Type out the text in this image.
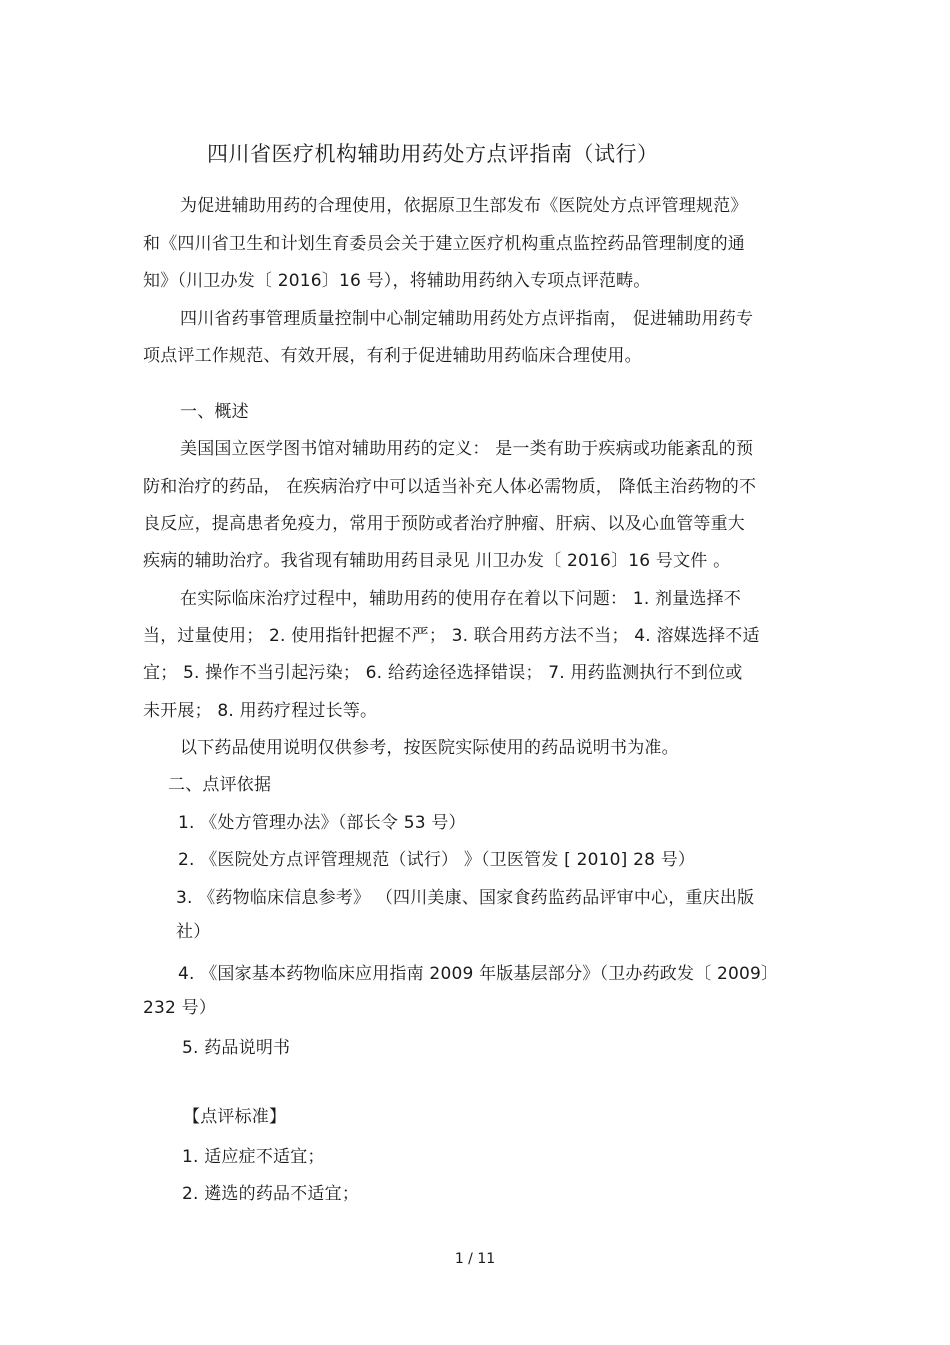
四川省医疗机构辅助用药处方点评指南（试行）
为促进辅助用药的合理使用，依据原卫生部发布《医院处方点评管理规范》
和《四川省卫生和计划生育委员会关于建立医疗机构重点监控药品管理制度的通
知》（川卫办发〔 2016〕16 号），将辅助用药纳入专项点评范畴。
四川省药事管理质量控制中心制定辅助用药处方点评指南， 促进辅助用药专
项点评工作规范、有效开展，有利于促进辅助用药临床合理使用。
一、概述
美国国立医学图书馆对辅助用药的定义： 是一类有助于疾病或功能紊乱的预
防和治疗的药品， 在疾病治疗中可以适当补充人体必需物质， 降低主治药物的不
良反应，提高患者免疫力，常用于预防或者治疗肿瘤、肝病、以及心血管等重大
疾病的辅助治疗。我省现有辅助用药目录见 川卫办发〔 2016〕16 号文件 。
在实际临床治疗过程中，辅助用药的使用存在着以下问题： 1. 剂量选择不
当，过量使用； 2. 使用指针把握不严； 3. 联合用药方法不当； 4. 溶媒选择不适
宜； 5. 操作不当引起污染； 6. 给药途径选择错误； 7. 用药监测执行不到位或
未开展； 8. 用药疗程过长等。
以下药品使用说明仅供参考，按医院实际使用的药品说明书为准。
二、点评依据
1. 《处方管理办法》（部长令 53 号）
2. 《医院处方点评管理规范（试行） 》（卫医管发 [ 2010] 28 号）
3. 《药物临床信息参考》 （四川美康、国家食药监药品评审中心，重庆出版
社）
4. 《国家基本药物临床应用指南 2009 年版基层部分》（卫办药政发〔 2009〕
232 号）
5. 药品说明书
【点评标准】
1. 适应症不适宜；
2. 遴选的药品不适宜；
1 / 11
